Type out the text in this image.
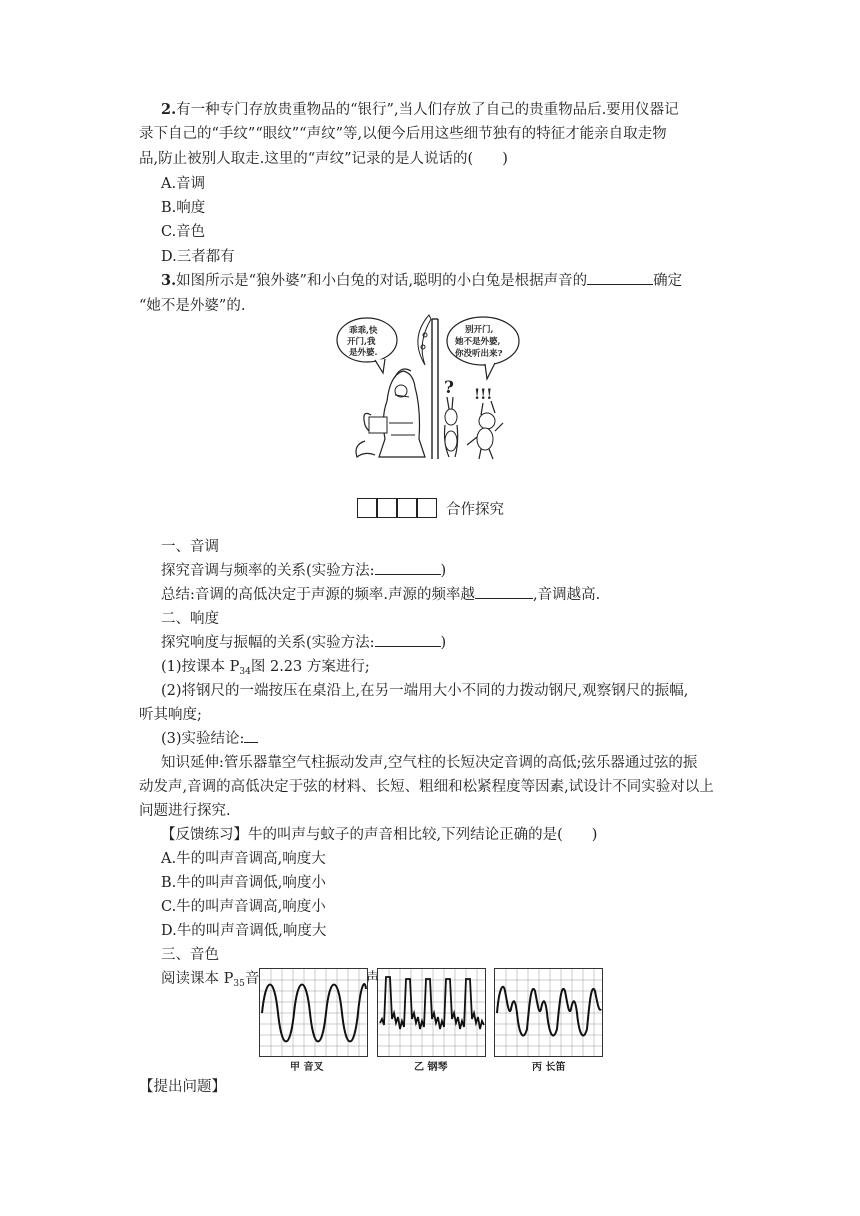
2.有一种专门存放贵重物品的“银行”,当人们存放了自己的贵重物品后.要用仪器记
录下自己的“手纹”“眼纹”“声纹”等,以便今后用这些细节独有的特征才能亲自取走物
品,防止被别人取走.这里的“声纹”记录的是人说话的(　　)
A.音调
B.响度
C.音色
D.三者都有
3.如图所示是“狼外婆”和小白兔的对话,聪明的小白兔是根据声音的	确定
“她不是外婆”的.
乖乖,快
开门,我
是外婆.
别开门,
她不是外婆,
你没听出来?
? !!!
合作探究
一、音调
探究音调与频率的关系(实验方法:	)
总结:音调的高低决定于声源的频率.声源的频率越	,音调越高.
二、响度
探究响度与振幅的关系(实验方法:	)
(1)按课本 $P_{34}$图 2.23 方案进行;
(2)将钢尺的一端按压在桌沿上,在另一端用大小不同的力拨动钢尺,观察钢尺的振幅,
听其响度;
(3)实验结论:
知识延伸:管乐器靠空气柱振动发声,空气柱的长短决定音调的高低;弦乐器通过弦的振
动发声,音调的高低决定于弦的材料、长短、粗细和松紧程度等因素,试设计不同实验对以上
问题进行探究.
【反馈练习】牛的叫声与蚊子的声音相比较,下列结论正确的是(　　)
A.牛的叫声音调高,响度大
B.牛的叫声音调低,响度小
C.牛的叫声音调高,响度小
D.牛的叫声音调低,响度大
三、音色
阅读课本 $P_{35}$音色部分,注意观察声音的波形.
甲 音叉	乙 钢琴	丙 长笛
【提出问题】
